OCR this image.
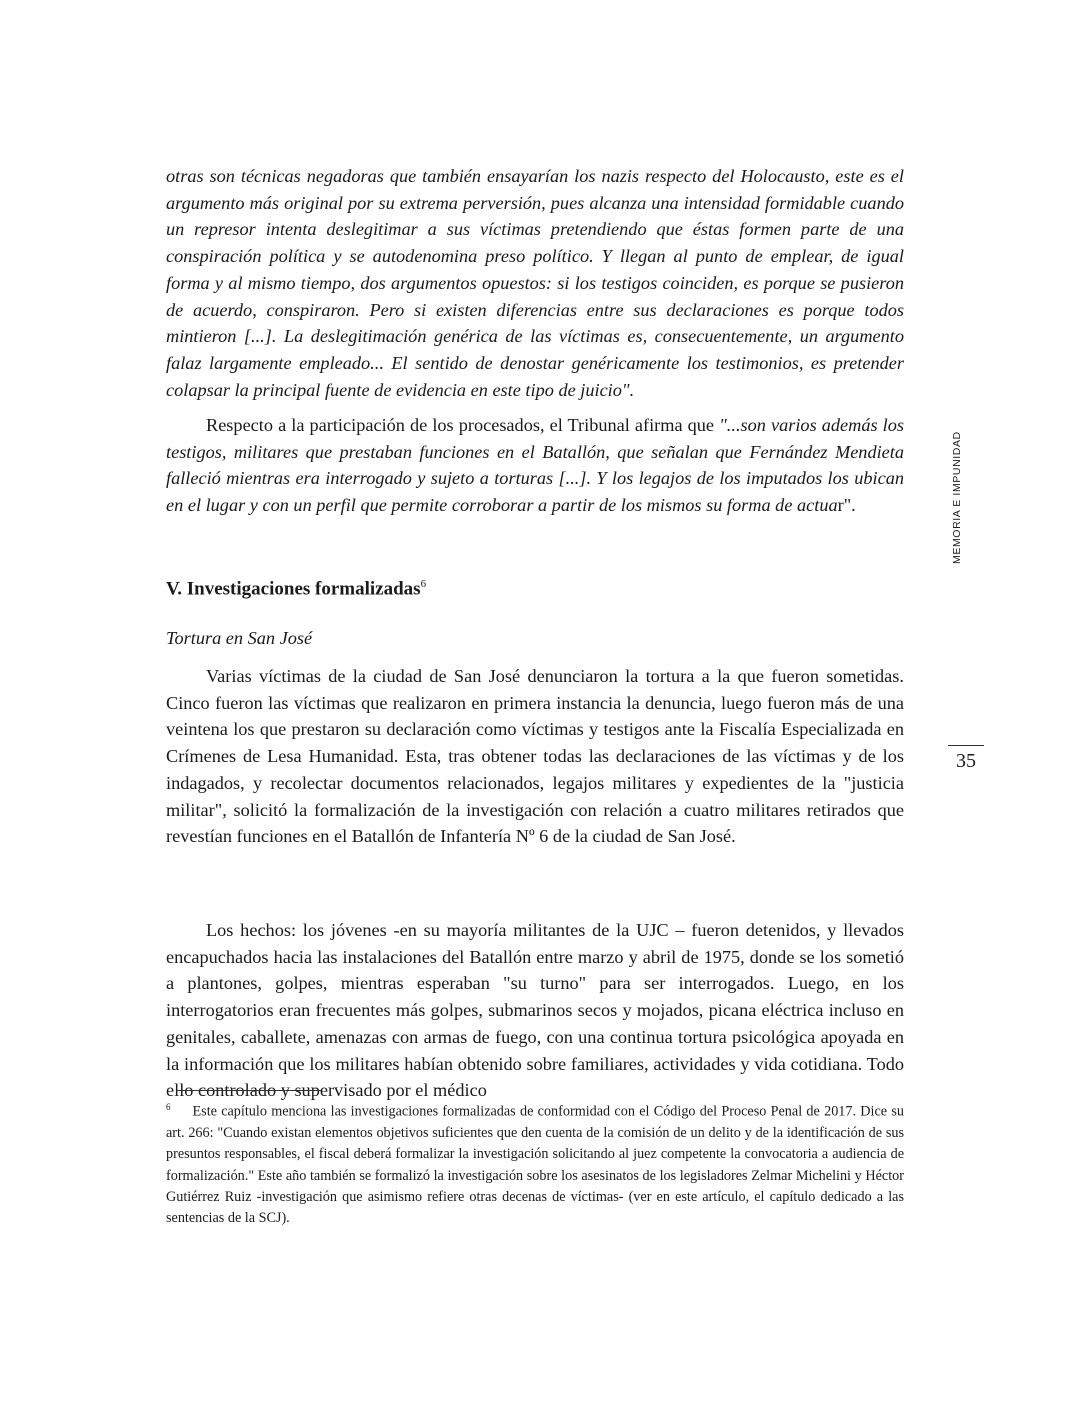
otras son técnicas negadoras que también ensayarían los nazis respecto del Holocausto, este es el argumento más original por su extrema perversión, pues alcanza una intensidad formidable cuando un represor intenta deslegitimar a sus víctimas pretendiendo que éstas formen parte de una conspiración política y se autodenomina preso político. Y llegan al punto de emplear, de igual forma y al mismo tiempo, dos argumentos opuestos: si los testigos coinciden, es porque se pusieron de acuerdo, conspiraron. Pero si existen diferencias entre sus declaraciones es porque todos mintieron [...]. La deslegitimación genérica de las víctimas es, consecuentemente, un argumento falaz largamente empleado... El sentido de denostar genéricamente los testimonios, es pretender colapsar la principal fuente de evidencia en este tipo de juicio".

Respecto a la participación de los procesados, el Tribunal afirma que "...son varios además los testigos, militares que prestaban funciones en el Batallón, que señalan que Fernández Mendieta falleció mientras era interrogado y sujeto a torturas [...]. Y los legajos de los imputados los ubican en el lugar y con un perfil que permite corroborar a partir de los mismos su forma de actuar".

V. Investigaciones formalizadas$^6$

Tortura en San José

Varias víctimas de la ciudad de San José denunciaron la tortura a la que fueron sometidas. Cinco fueron las víctimas que realizaron en primera instancia la denuncia, luego fueron más de una veintena los que prestaron su declaración como víctimas y testigos ante la Fiscalía Especializada en Crímenes de Lesa Humanidad. Esta, tras obtener todas las declaraciones de las víctimas y de los indagados, y recolectar documentos relacionados, legajos militares y expedientes de la "justicia militar", solicitó la formalización de la investigación con relación a cuatro militares retirados que revestían funciones en el Batallón de Infantería Nº 6 de la ciudad de San José.

Los hechos: los jóvenes -en su mayoría militantes de la UJC – fueron detenidos, y llevados encapuchados hacia las instalaciones del Batallón entre marzo y abril de 1975, donde se los sometió a plantones, golpes, mientras esperaban "su turno" para ser interrogados. Luego, en los interrogatorios eran frecuentes más golpes, submarinos secos y mojados, picana eléctrica incluso en genitales, caballete, amenazas con armas de fuego, con una continua tortura psicológica apoyada en la información que los militares habían obtenido sobre familiares, actividades y vida cotidiana. Todo ello controlado y supervisado por el médico

$^6$ Este capítulo menciona las investigaciones formalizadas de conformidad con el Código del Proceso Penal de 2017. Dice su art. 266: "Cuando existan elementos objetivos suficientes que den cuenta de la comisión de un delito y de la identificación de sus presuntos responsables, el fiscal deberá formalizar la investigación solicitando al juez competente la convocatoria a audiencia de formalización." Este año también se formalizó la investigación sobre los asesinatos de los legisladores Zelmar Michelini y Héctor Gutiérrez Ruiz -investigación que asimismo refiere otras decenas de víctimas- (ver en este artículo, el capítulo dedicado a las sentencias de la SCJ).

MEMORIA E IMPUNIDAD
35
